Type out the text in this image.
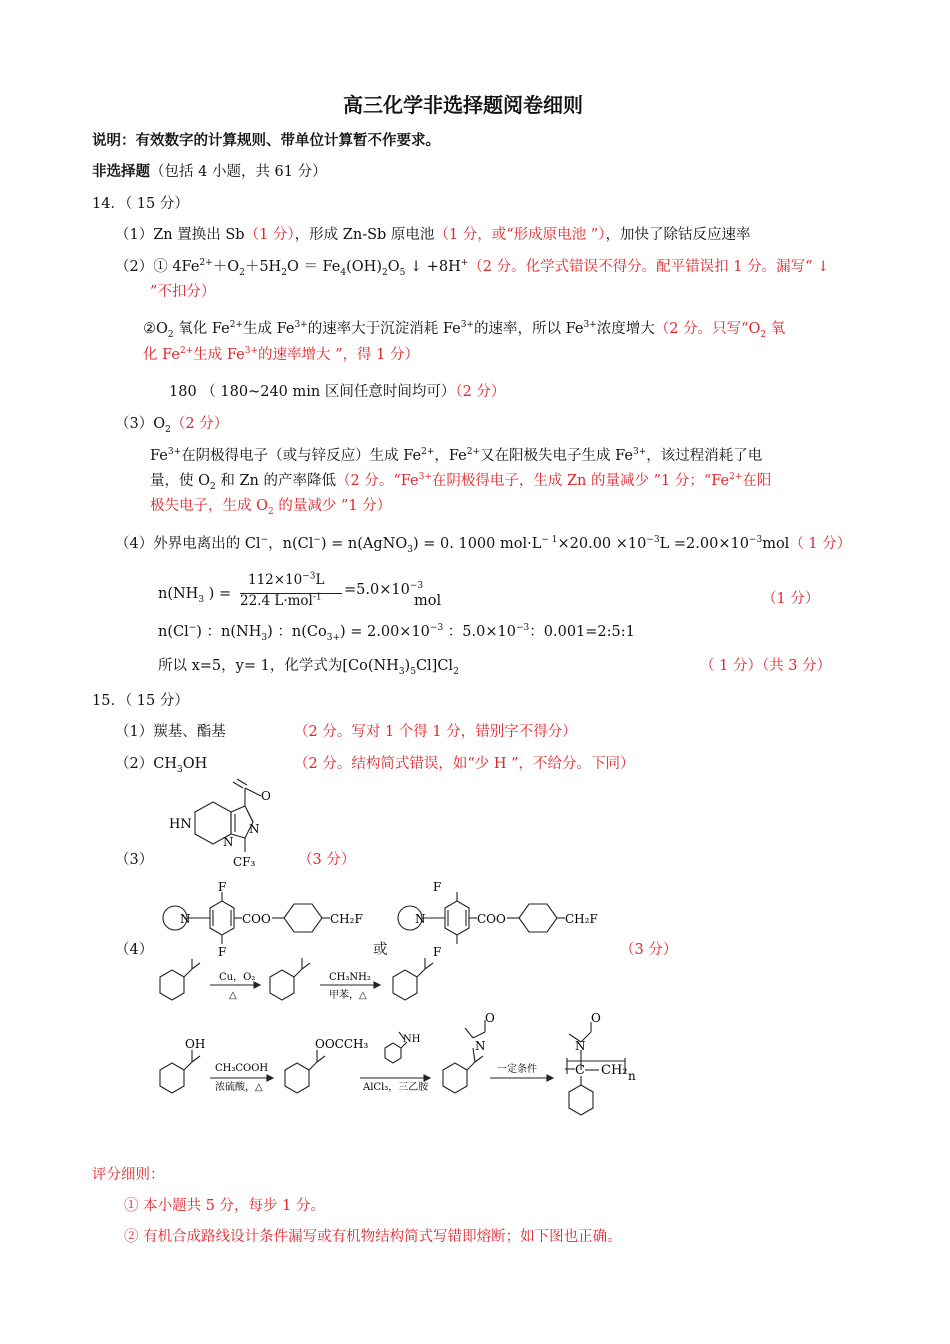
高三化学非选择题阅卷细则
说明：有效数字的计算规则、带单位计算暂不作要求。
非选择题（包括 4 小题，共 61 分）
14．（ 15 分）
（1）Zn 置换出 Sb（1 分），形成 Zn-Sb 原电池（1 分，或“形成原电池 ”），加快了除钴反应速率
（2）① $4Fe^{2+}+O_2+5H_2O = Fe_4(OH)_2O_5$ ↓ +8H+（2 分。化学式错误不得分。配平错误扣 1 分。漏写“ ↓
”不扣分）
$②O_2$ 氧化 $Fe^{2+}$生成 $Fe^{3+}$的速率大于沉淀消耗 $Fe^{3+}$的速率，所以 $Fe^{3+}$浓度增大（2 分。只写“$O_2$ 氧
化 $Fe^{2+}$生成 $Fe^{3+}$的速率增大 ”，得 1 分）
180 （ 180~240 min 区间任意时间均可）（2 分）
$(3)O_2(2$ 分）
$Fe^{3+}$在阴极得电子（或与锌反应）生成 $Fe^{2+}$，$Fe^{2+}$又在阳极失电子生成 $Fe^{3+}$，该过程消耗了电
量，使 $O_2$ 和 Zn 的产率降低（2 分。“$Fe^{3+}$在阴极得电子，生成 Zn 的量减少 ”1 分；“$Fe^{2+}$在阳
极失电子，生成 $O_2$ 的量减少 ”1 分）
（4）外界电离出的 Cl−，n(Cl−) = n(AgNO$_3$) = 0. 1000 $mol\cdot L^{- 1}\times 20.00 \times 10^{-3}L =2.00\times 10^{-3}mol$（ 1 分）
$n(NH_3$ ) =
$112\times 10^{-3}L$
22.4 $L\cdot mol^{-1} =5.0\times 10^{-3}$
mol	（1 分）
n(Cl−) ：$n(NH_3)$ ：$n(Co_{3+}) = 2.00\times 10^{-3}$ ：$5.0\times 10^{-3}$：0.001=2:5:1
所以 x=5，y= 1，化学式为$[Co(NH_3)_5Cl]Cl_2$	（ 1 分）（共 3 分）
15．（ 15 分）
（1）羰基、酯基	（2 分。写对 1 个得 1 分，错别字不得分）
$(2)CH_3OH$	（2 分。结构简式错误，如“少 H ”，不给分。下同）
（3）	（3 分）
HN
N
N
O
CF₃
（4）	或	（3 分）
N
F
F
COO	CH₂F	N
F
F
COO	CH₂F
Cu，O₂
△
CH₃NH₂
甲苯，△
OH
CH₃COOH
浓硫酸，△
OOCCH₃	NH
AlCl₃，三乙胺
N
O
一定条件
N
O
C CH₂ n
评分细则：
① 本小题共 5 分，每步 1 分。
② 有机合成路线设计条件漏写或有机物结构简式写错即熔断；如下图也正确。
